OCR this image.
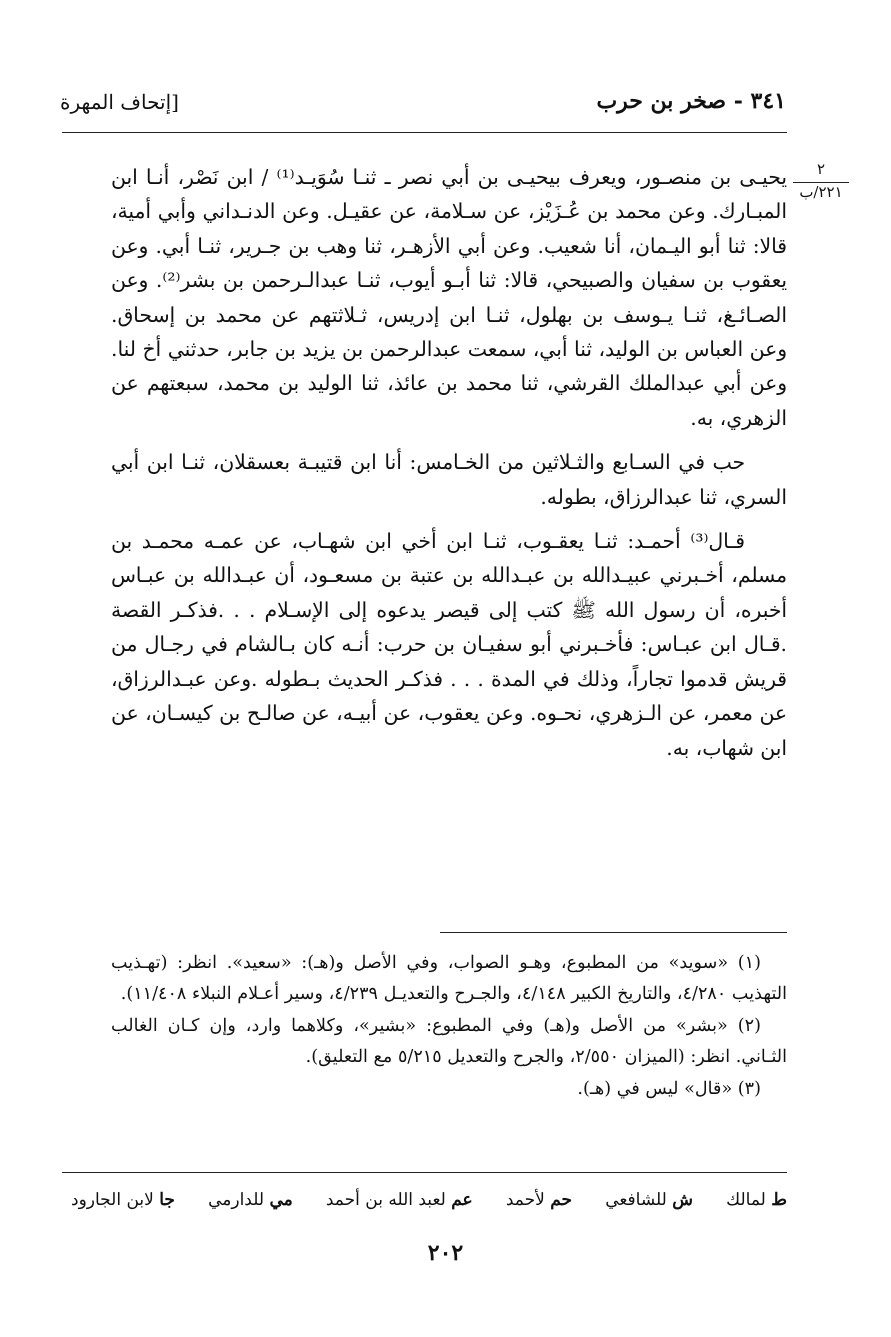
٣٤١ - صخر بن حرب
[إتحاف المهرة
٢
٢٢١/ب

يحيـى بن منصـور، ويعرف بيحيـى بن أبي نصر ـ ثنـا سُوَيـد⁽¹⁾ / ابن نَصْر، أنـا ابن المبـارك. وعن محمد بن عُـزَيْز، عن سـلامة، عن عقيـل. وعن الدنـداني وأبي أمية، قالا: ثنا أبو اليـمان، أنا شعيب. وعن أبي الأزهـر، ثنا وهب بن جـرير، ثنـا أبي. وعن يعقوب بن سفيان والصبيحي، قالا: ثنا أبـو أيوب، ثنـا عبدالـرحمن بن بشر⁽²⁾. وعن الصـائـغ، ثنـا يـوسف بن بهلول، ثنـا ابن إدريس، ثـلاثتهم عن محمد بن إسحاق. وعن العباس بن الوليد، ثنا أبي، سمعت عبدالرحمن بن يزيد بن جابر، حدثني أخ لنا. وعن أبي عبدالملك القرشي، ثنا محمد بن عائذ، ثنا الوليد بن محمد، سبعتهم عن الزهري، به.

حب في السـابع والثـلاثين من الخـامس: أنا ابن قتيبـة بعسقلان، ثنـا ابن أبي السري، ثنا عبدالرزاق، بطوله.

قـال⁽³⁾ أحمـد: ثنـا يعقـوب، ثنـا ابن أخي ابن شهـاب، عن عمـه محمـد بن مسلم، أخـبرني عبيـدالله بن عبـدالله بن عتبة بن مسعـود، أن عبـدالله بن عبـاس أخبره، أن رسول الله ﷺ كتب إلى قيصر يدعوه إلى الإسـلام . . .فذكـر القصة .قـال ابن عبـاس: فأخـبرني أبو سفيـان بن حرب: أنـه كان بـالشام في رجـال من قريش قدموا تجاراً، وذلك في المدة . . . فذكـر الحديث بـطوله .وعن عبـدالرزاق، عن معمر، عن الـزهري، نحـوه. وعن يعقوب، عن أبيـه، عن صالـح بن كيسـان، عن ابن شهاب، به.

(١) «سويد» من المطبوع، وهـو الصواب، وفي الأصل و(هـ): «سعيد». انظر: (تهـذيب التهذيب ٤/٢٨٠، والتاريخ الكبير ٤/١٤٨، والجـرح والتعديـل ٤/٢٣٩، وسير أعـلام النبلاء ١١/٤٠٨).

(٢) «بشر» من الأصل و(هـ) وفي المطبوع: «بشير»، وكلاهما وارد، وإن كـان الغالب الثـاني. انظر: (الميزان ٢/٥٥٠، والجرح والتعديل ٥/٢١٥ مع التعليق).

(٣) «قال» ليس في (هـ).

ط لمالك
ش للشافعي
حم لأحمد
عم لعبد الله بن أحمد
مي للدارمي
جا لابن الجارود
٢٠٢
